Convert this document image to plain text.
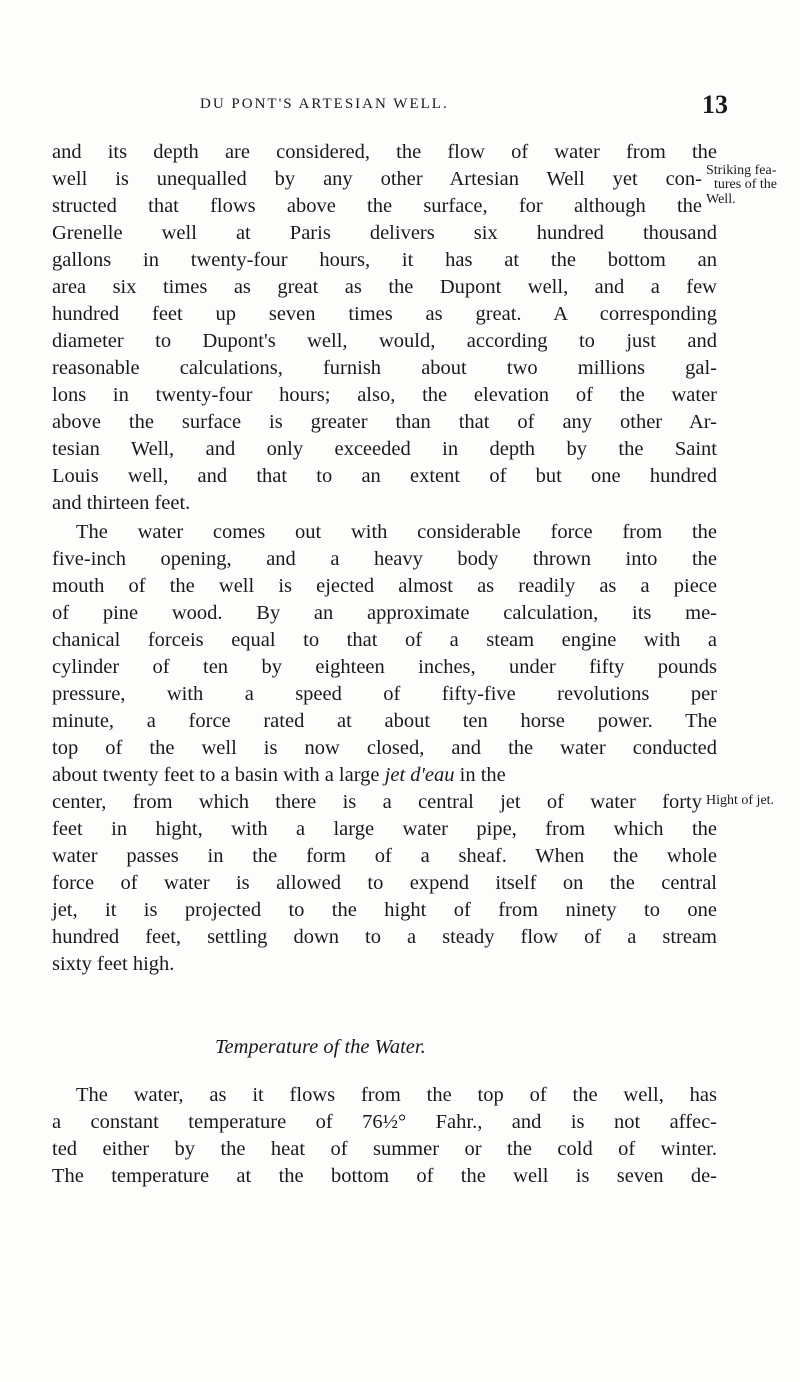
DU PONT'S ARTESIAN WELL.	13
and its depth are considered, the flow of water from the
well is unequalled by any other Artesian Well yet con-
structed that flows above the surface, for although the
Grenelle well at Paris delivers six hundred thousand
gallons in twenty-four hours, it has at the bottom an
area six times as great as the Dupont well, and a few
hundred feet up seven times as great. A corresponding
diameter to Dupont's well, would, according to just and
reasonable calculations, furnish about two millions gal-
lons in twenty-four hours; also, the elevation of the water
above the surface is greater than that of any other Ar-
tesian Well, and only exceeded in depth by the Saint
Louis well, and that to an extent of but one hundred
and thirteen feet.
The water comes out with considerable force from the
five-inch opening, and a heavy body thrown into the
mouth of the well is ejected almost as readily as a piece
of pine wood. By an approximate calculation, its me-
chanical forceis equal to that of a steam engine with a
cylinder of ten by eighteen inches, under fifty pounds
pressure, with a speed of fifty-five revolutions per
minute, a force rated at about ten horse power. The
top of the well is now closed, and the water conducted
about twenty feet to a basin with a large jet d'eau in the
center, from which there is a central jet of water forty
feet in hight, with a large water pipe, from which the
water passes in the form of a sheaf. When the whole
force of water is allowed to expend itself on the central
jet, it is projected to the hight of from ninety to one
hundred feet, settling down to a steady flow of a stream
sixty feet high.
Temperature of the Water.
The water, as it flows from the top of the well, has
a constant temperature of 76½° Fahr., and is not affec-
ted either by the heat of summer or the cold of winter.
The temperature at the bottom of the well is seven de-
Striking fea-
tures of the
Well.
Hight of jet.
